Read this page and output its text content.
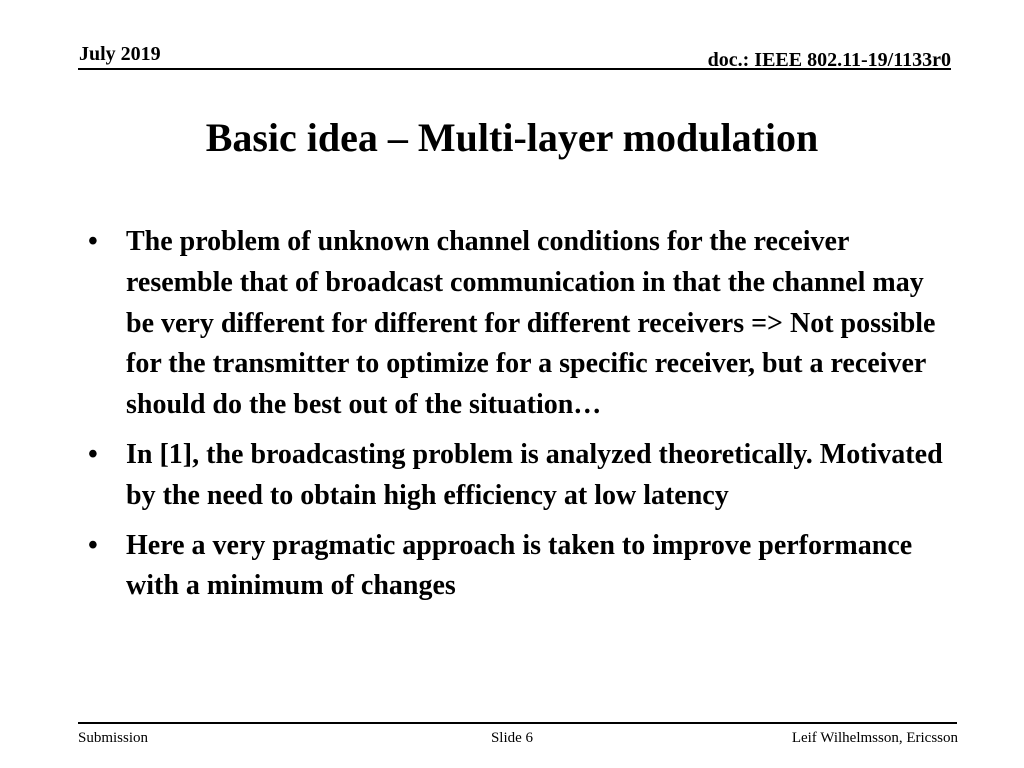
July 2019	doc.: IEEE 802.11-19/1133r0
Basic idea – Multi-layer modulation
• The problem of unknown channel conditions for the receiver resemble that of broadcast communication in that the channel may be very different for different for different receivers => Not possible for the transmitter to optimize for a specific receiver, but a receiver should do the best out of the situation…
• In [1], the broadcasting problem is analyzed theoretically. Motivated by the need to obtain high efficiency at low latency
• Here a very pragmatic approach is taken to improve performance with a minimum of changes
Submission	Slide 6	Leif Wilhelmsson, Ericsson
